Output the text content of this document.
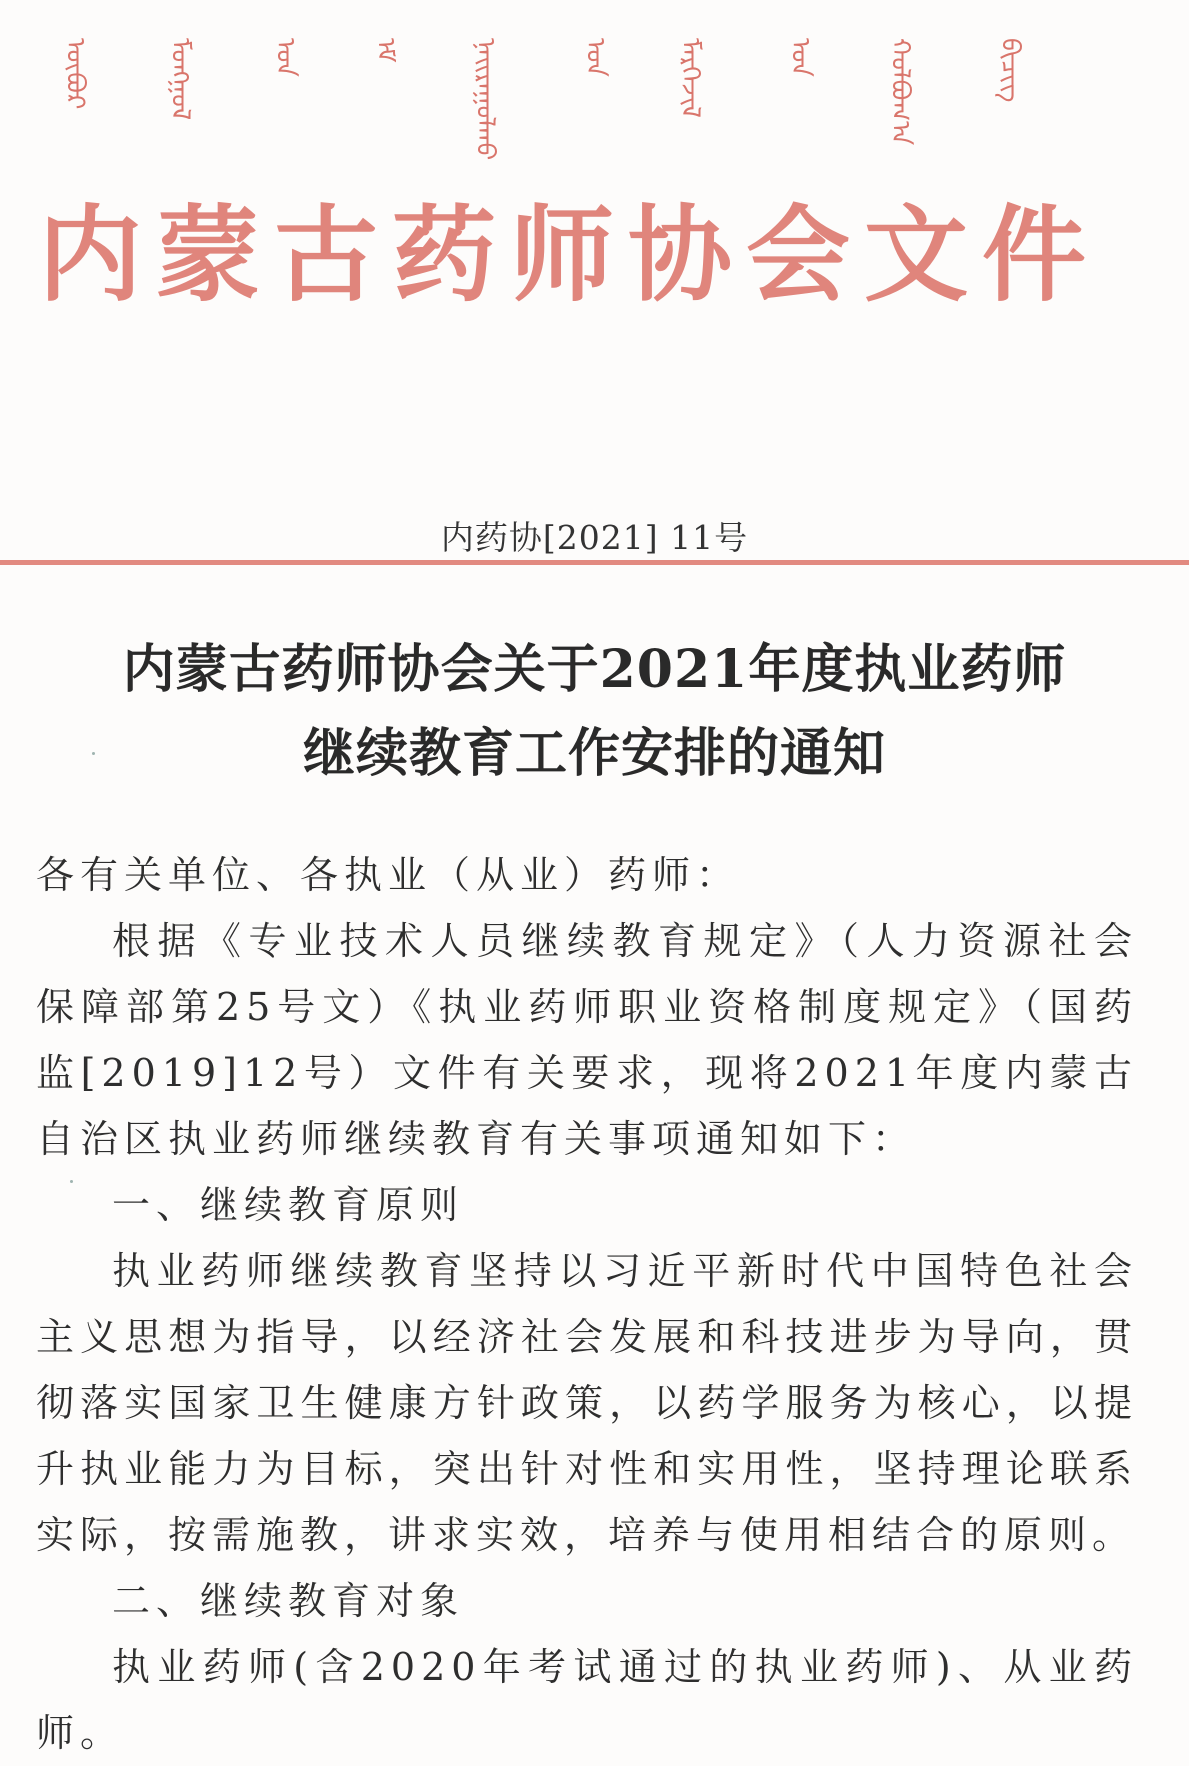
ᠦᠪᠦᠷ	ᠮᠣᠩᠭᠣᠯ	ᠤᠨ	ᠡᠮ	ᠨᠠᠢᠷᠠᠭᠤᠯᠬᠤ	ᠤᠨ	ᠮᠡᠷᠭᠡᠵᠢᠯ	ᠤᠨ	ᠬᠣᠯᠪᠣᠭ᠎ᠠ	ᠪᠢᠴᠢᠭ
内蒙古药师协会文件
内药协[2021] 11号
内蒙古药师协会关于2021年度执业药师
继续教育工作安排的通知

各有关单位、各执业（从业）药师：

根据《专业技术人员继续教育规定》（人力资源社会保障部第25号文）《执业药师职业资格制度规定》（国药监[2019]12号）文件有关要求，现将2021年度内蒙古自治区执业药师继续教育有关事项通知如下：

一、继续教育原则

执业药师继续教育坚持以习近平新时代中国特色社会主义思想为指导，以经济社会发展和科技进步为导向，贯彻落实国家卫生健康方针政策，以药学服务为核心，以提升执业能力为目标，突出针对性和实用性，坚持理论联系实际，按需施教，讲求实效，培养与使用相结合的原则。

二、继续教育对象

执业药师(含2020年考试通过的执业药师)、从业药师。
